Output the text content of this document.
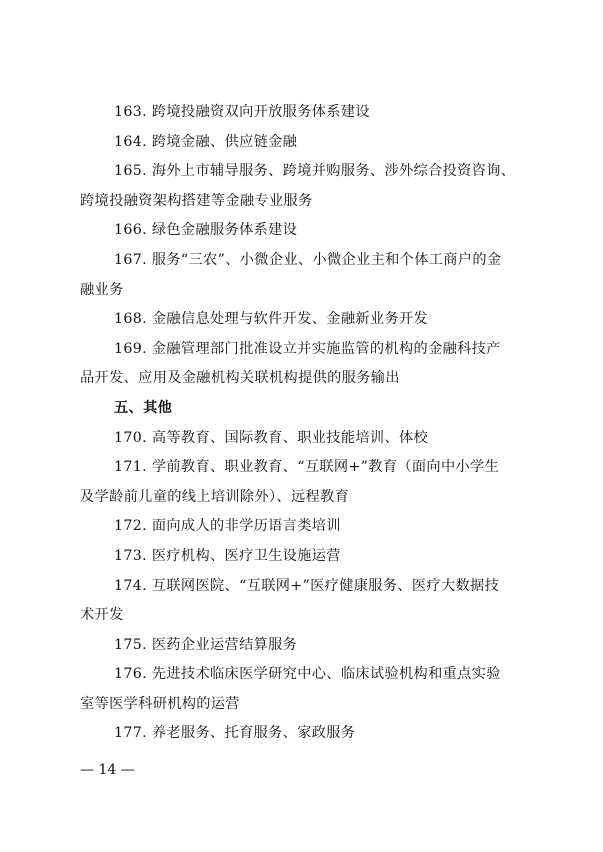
163. 跨境投融资双向开放服务体系建设
164. 跨境金融、供应链金融
165. 海外上市辅导服务、跨境并购服务、涉外综合投资咨询、
跨境投融资架构搭建等金融专业服务
166. 绿色金融服务体系建设
167. 服务“三农”、小微企业、小微企业主和个体工商户的金
融业务
168. 金融信息处理与软件开发、金融新业务开发
169. 金融管理部门批准设立并实施监管的机构的金融科技产
品开发、应用及金融机构关联机构提供的服务输出
五、其他
170. 高等教育、国际教育、职业技能培训、体校
171. 学前教育、职业教育、“互联网+”教育（面向中小学生
及学龄前儿童的线上培训除外）、远程教育
172. 面向成人的非学历语言类培训
173. 医疗机构、医疗卫生设施运营
174. 互联网医院、“互联网+”医疗健康服务、医疗大数据技
术开发
175. 医药企业运营结算服务
176. 先进技术临床医学研究中心、临床试验机构和重点实验
室等医学科研机构的运营
177. 养老服务、托育服务、家政服务
— 14 —
